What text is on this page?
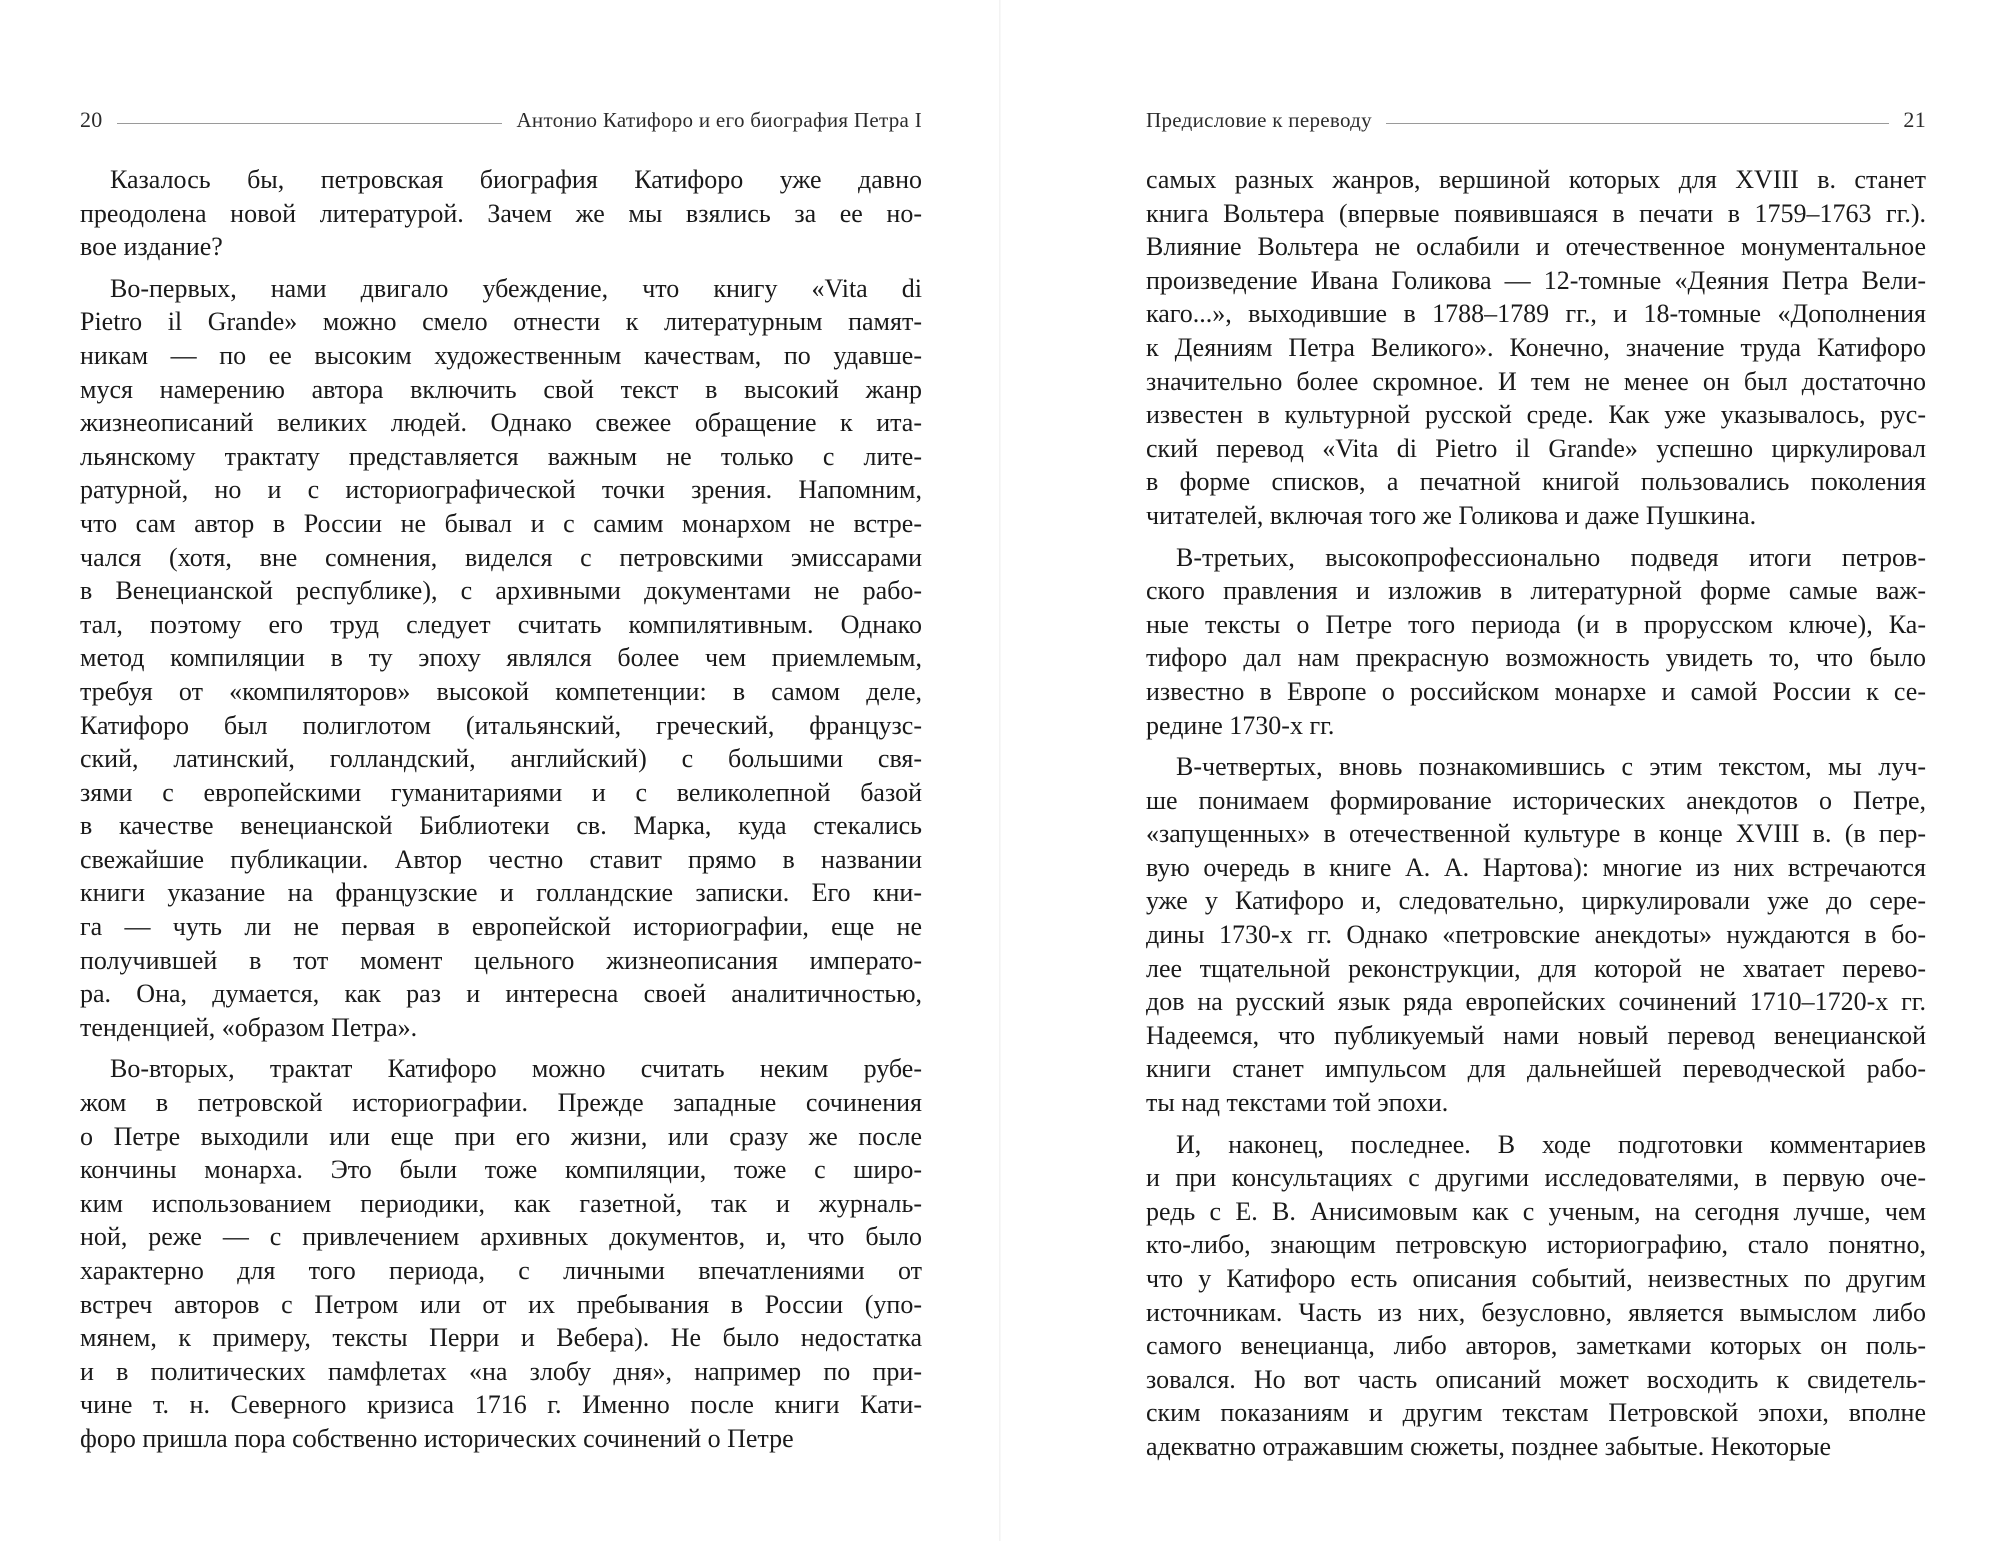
20	Антонио Катифоро и его биография Петра I
Казалось бы, петровская биография Катифоро уже давно
преодолена новой литературой. Зачем же мы взялись за ее но-
вое издание?
Во-первых, нами двигало убеждение, что книгу «Vita di
Pietro il Grande» можно смело отнести к литературным памят-
никам — по ее высоким художественным качествам, по удавше-
муся намерению автора включить свой текст в высокий жанр
жизнеописаний великих людей. Однако свежее обращение к ита-
льянскому трактату представляется важным не только с лите-
ратурной, но и с историографической точки зрения. Напомним,
что сам автор в России не бывал и с самим монархом не встре-
чался (хотя, вне сомнения, виделся с петровскими эмиссарами
в Венецианской республике), с архивными документами не рабо-
тал, поэтому его труд следует считать компилятивным. Однако
метод компиляции в ту эпоху являлся более чем приемлемым,
требуя от «компиляторов» высокой компетенции: в самом деле,
Катифоро был полиглотом (итальянский, греческий, французс-
ский, латинский, голландский, английский) с большими свя-
зями с европейскими гуманитариями и с великолепной базой
в качестве венецианской Библиотеки св. Марка, куда стекались
свежайшие публикации. Автор честно ставит прямо в названии
книги указание на французские и голландские записки. Его кни-
га — чуть ли не первая в европейской историографии, еще не
получившей в тот момент цельного жизнеописания императо-
ра. Она, думается, как раз и интересна своей аналитичностью,
тенденцией, «образом Петра».
Во-вторых, трактат Катифоро можно считать неким рубе-
жом в петровской историографии. Прежде западные сочинения
о Петре выходили или еще при его жизни, или сразу же после
кончины монарха. Это были тоже компиляции, тоже с широ-
ким использованием периодики, как газетной, так и журналь-
ной, реже — с привлечением архивных документов, и, что было
характерно для того периода, с личными впечатлениями от
встреч авторов с Петром или от их пребывания в России (упо-
мянем, к примеру, тексты Перри и Вебера). Не было недостатка
и в политических памфлетах «на злобу дня», например по при-
чине т. н. Северного кризиса 1716 г. Именно после книги Кати-
форо пришла пора собственно исторических сочинений о Петре
Предисловие к переводу	21
самых разных жанров, вершиной которых для XVIII в. станет
книга Вольтера (впервые появившаяся в печати в 1759–1763 гг.).
Влияние Вольтера не ослабили и отечественное монументальное
произведение Ивана Голикова — 12-томные «Деяния Петра Вели-
каго...», выходившие в 1788–1789 гг., и 18-томные «Дополнения
к Деяниям Петра Великого». Конечно, значение труда Катифоро
значительно более скромное. И тем не менее он был достаточно
известен в культурной русской среде. Как уже указывалось, рус-
ский перевод «Vita di Pietro il Grande» успешно циркулировал
в форме списков, а печатной книгой пользовались поколения
читателей, включая того же Голикова и даже Пушкина.
В-третьих, высокопрофессионально подведя итоги петров-
ского правления и изложив в литературной форме самые важ-
ные тексты о Петре того периода (и в прорусском ключе), Ка-
тифоро дал нам прекрасную возможность увидеть то, что было
известно в Европе о российском монархе и самой России к се-
редине 1730-х гг.
В-четвертых, вновь познакомившись с этим текстом, мы луч-
ше понимаем формирование исторических анекдотов о Петре,
«запущенных» в отечественной культуре в конце XVIII в. (в пер-
вую очередь в книге А. А. Нартова): многие из них встречаются
уже у Катифоро и, следовательно, циркулировали уже до сере-
дины 1730-х гг. Однако «петровские анекдоты» нуждаются в бо-
лее тщательной реконструкции, для которой не хватает перево-
дов на русский язык ряда европейских сочинений 1710–1720-х гг.
Надеемся, что публикуемый нами новый перевод венецианской
книги станет импульсом для дальнейшей переводческой рабо-
ты над текстами той эпохи.
И, наконец, последнее. В ходе подготовки комментариев
и при консультациях с другими исследователями, в первую оче-
редь с Е. В. Анисимовым как с ученым, на сегодня лучше, чем
кто-либо, знающим петровскую историографию, стало понятно,
что у Катифоро есть описания событий, неизвестных по другим
источникам. Часть из них, безусловно, является вымыслом либо
самого венецианца, либо авторов, заметками которых он поль-
зовался. Но вот часть описаний может восходить к свидетель-
ским показаниям и другим текстам Петровской эпохи, вполне
адекватно отражавшим сюжеты, позднее забытые. Некоторые
